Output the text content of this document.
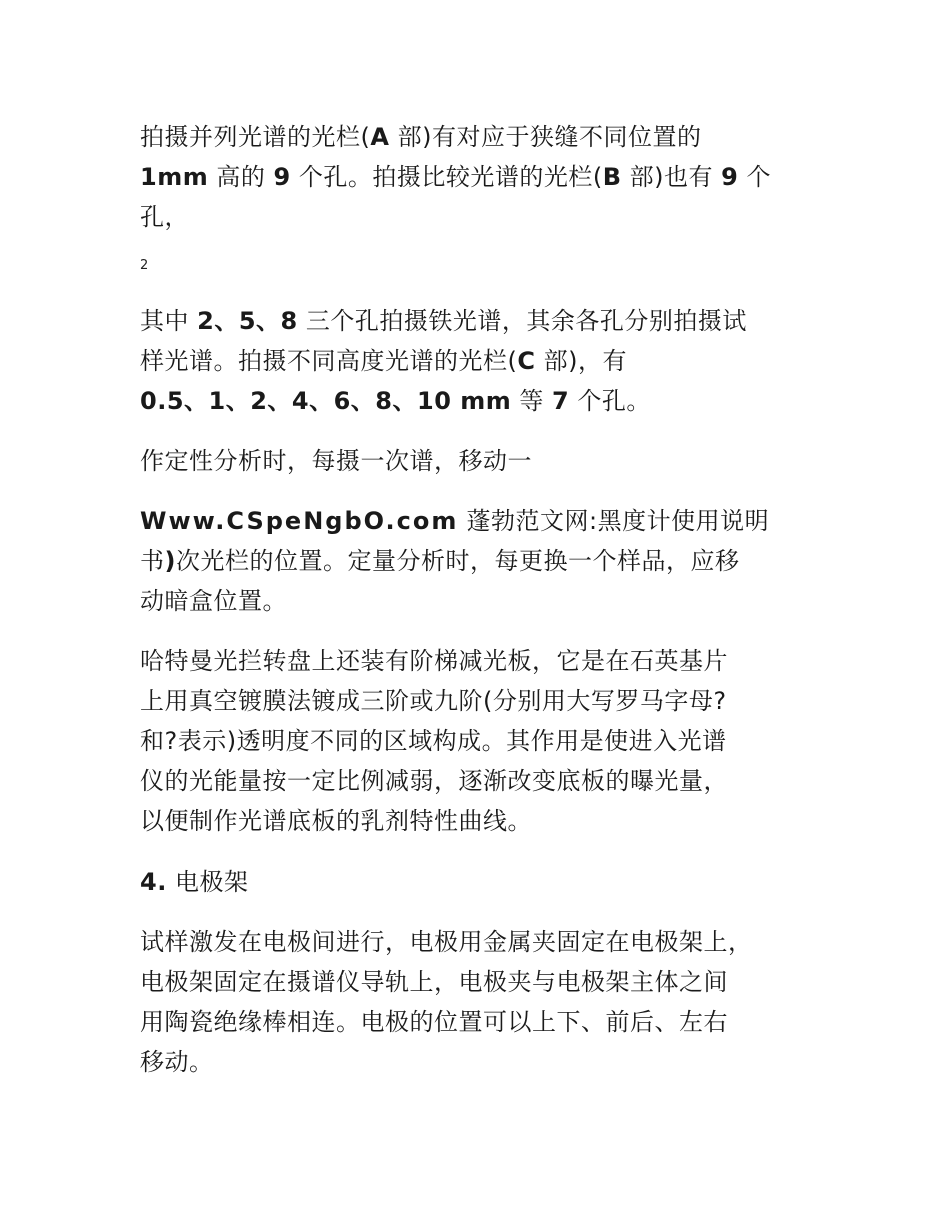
拍摄并列光谱的光栏(A 部)有对应于狭缝不同位置的
1mm 高的 9 个孔。拍摄比较光谱的光栏(B 部)也有 9 个
孔，
2
其中 2、5、8 三个孔拍摄铁光谱，其余各孔分别拍摄试
样光谱。拍摄不同高度光谱的光栏(C 部)，有
0.5、1、2、4、6、8、10 mm 等 7 个孔。
作定性分析时，每摄一次谱，移动一
Www.CSpeNgbO.com 蓬勃范文网:黑度计使用说明
书)次光栏的位置。定量分析时，每更换一个样品，应移
动暗盒位置。
哈特曼光拦转盘上还装有阶梯减光板，它是在石英基片
上用真空镀膜法镀成三阶或九阶(分别用大写罗马字母?
和?表示)透明度不同的区域构成。其作用是使进入光谱
仪的光能量按一定比例减弱，逐渐改变底板的曝光量，
以便制作光谱底板的乳剂特性曲线。
4. 电极架
试样激发在电极间进行，电极用金属夹固定在电极架上，
电极架固定在摄谱仪导轨上，电极夹与电极架主体之间
用陶瓷绝缘棒相连。电极的位置可以上下、前后、左右
移动。
